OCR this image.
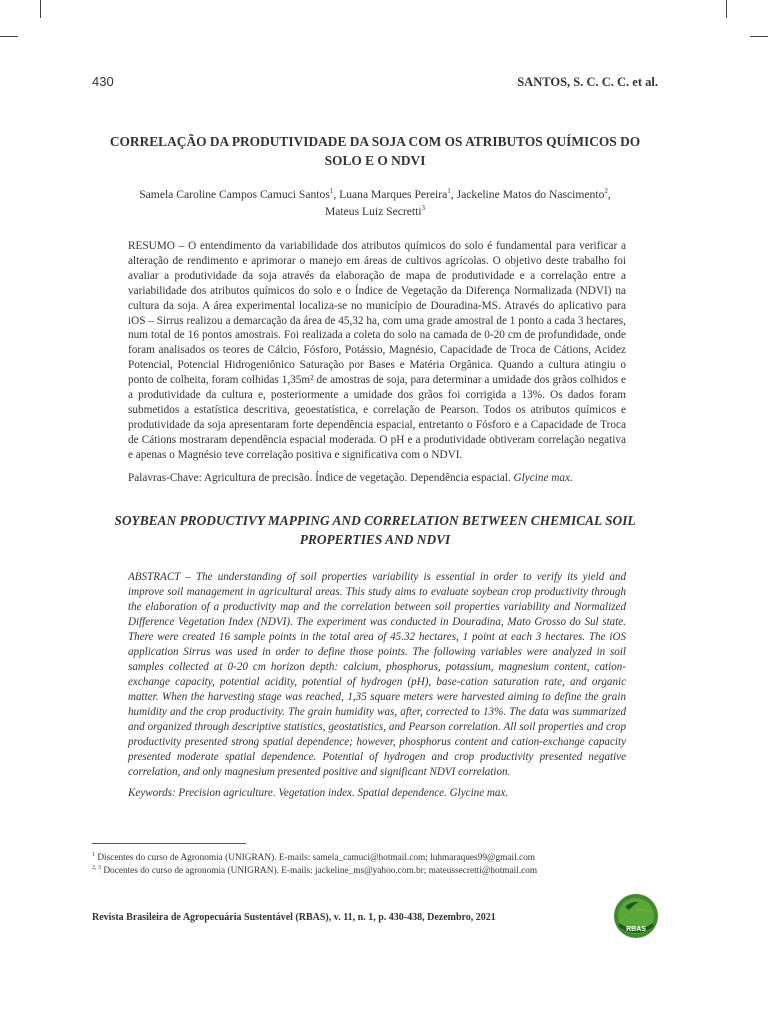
430	SANTOS, S. C. C. C. et al.
CORRELAÇÃO DA PRODUTIVIDADE DA SOJA COM OS ATRIBUTOS QUÍMICOS DO SOLO E O NDVI
Samela Caroline Campos Camuci Santos$^1$, Luana Marques Pereira$^1$, Jackeline Matos do Nascimento$^2$,
Mateus Luiz Secretti$^3$
RESUMO – O entendimento da variabilidade dos atributos químicos do solo é fundamental para verificar a alteração de rendimento e aprimorar o manejo em áreas de cultivos agrícolas. O objetivo deste trabalho foi avaliar a produtividade da soja através da elaboração de mapa de produtividade e a correlação entre a variabilidade dos atributos químicos do solo e o Índice de Vegetação da Diferença Normalizada (NDVI) na cultura da soja. A área experimental localiza-se no município de Douradina-MS. Através do aplicativo para iOS – Sirrus realizou a demarcação da área de 45,32 ha, com uma grade amostral de 1 ponto a cada 3 hectares, num total de 16 pontos amostrais. Foi realizada a coleta do solo na camada de 0-20 cm de profundidade, onde foram analisados os teores de Cálcio, Fósforo, Potássio, Magnésio, Capacidade de Troca de Cátions, Acidez Potencial, Potencial Hidrogeniônico Saturação por Bases e Matéria Orgânica. Quando a cultura atingiu o ponto de colheita, foram colhidas 1,35m² de amostras de soja, para determinar a umidade dos grãos colhidos e a produtividade da cultura e, posteriormente a umidade dos grãos foi corrigida a 13%. Os dados foram submetidos a estatística descritiva, geoestatística, e correlação de Pearson. Todos os atributos químicos e produtividade da soja apresentaram forte dependência espacial, entretanto o Fósforo e a Capacidade de Troca de Cátions mostraram dependência espacial moderada. O pH e a produtividade obtiveram correlação negativa e apenas o Magnésio teve correlação positiva e significativa com o NDVI.
Palavras-Chave: Agricultura de precisão. Índice de vegetação. Dependência espacial. Glycine max.
SOYBEAN PRODUCTIVY MAPPING AND CORRELATION BETWEEN CHEMICAL SOIL PROPERTIES AND NDVI
ABSTRACT – The understanding of soil properties variability is essential in order to verify its yield and improve soil management in agricultural areas. This study aims to evaluate soybean crop productivity through the elaboration of a productivity map and the correlation between soil properties variability and Normalized Difference Vegetation Index (NDVI). The experiment was conducted in Douradina, Mato Grosso do Sul state. There were created 16 sample points in the total area of 45.32 hectares, 1 point at each 3 hectares. The iOS application Sirrus was used in order to define those points. The following variables were analyzed in soil samples collected at 0-20 cm horizon depth: calcium, phosphorus, potassium, magnesium content, cation-exchange capacity, potential acidity, potential of hydrogen (pH), base-cation saturation rate, and organic matter. When the harvesting stage was reached, 1,35 square meters were harvested aiming to define the grain humidity and the crop productivity. The grain humidity was, after, corrected to 13%. The data was summarized and organized through descriptive statistics, geostatistics, and Pearson correlation. All soil properties and crop productivity presented strong spatial dependence; however, phosphorus content and cation-exchange capacity presented moderate spatial dependence. Potential of hydrogen and crop productivity presented negative correlation, and only magnesium presented positive and significant NDVI correlation.
Keywords: Precision agriculture. Vegetation index. Spatial dependence. Glycine max.
$^1$ Discentes do curso de Agronomia (UNIGRAN). E-mails: samela_camuci@hotmail.com; luhmaraques99@gmail.com
$^{2, 3}$ Docentes do curso de agronomia (UNIGRAN). E-mails: jackeline_ms@yahoo.com.br; mateussecretti@hotmail.com
Revista Brasileira de Agropecuária Sustentável (RBAS), v. 11, n. 1, p. 430-438, Dezembro, 2021
RBAS
